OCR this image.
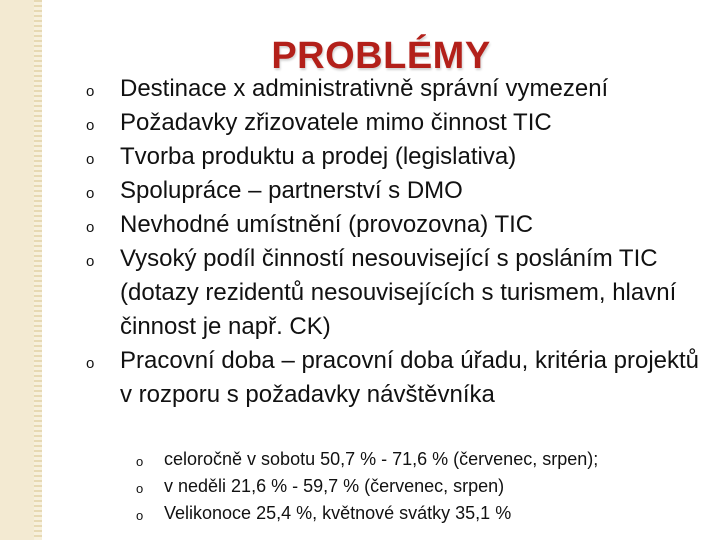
PROBLÉMY
o Destinace x administrativně správní vymezení
o Požadavky zřizovatele mimo činnost TIC
o Tvorba produktu a prodej (legislativa)
o Spolupráce – partnerství s DMO
o Nevhodné umístnění (provozovna) TIC
o Vysoký podíl činností nesouvisející s posláním TIC (dotazy rezidentů nesouvisejících s turismem, hlavní činnost je např. CK)
o Pracovní doba – pracovní doba úřadu, kritéria projektů v rozporu s požadavky návštěvníka
o celoročně v sobotu 50,7 % - 71,6 % (červenec, srpen);
o v neděli 21,6 % - 59,7 % (červenec, srpen)
o Velikonoce 25,4 %, květnové svátky 35,1 %
